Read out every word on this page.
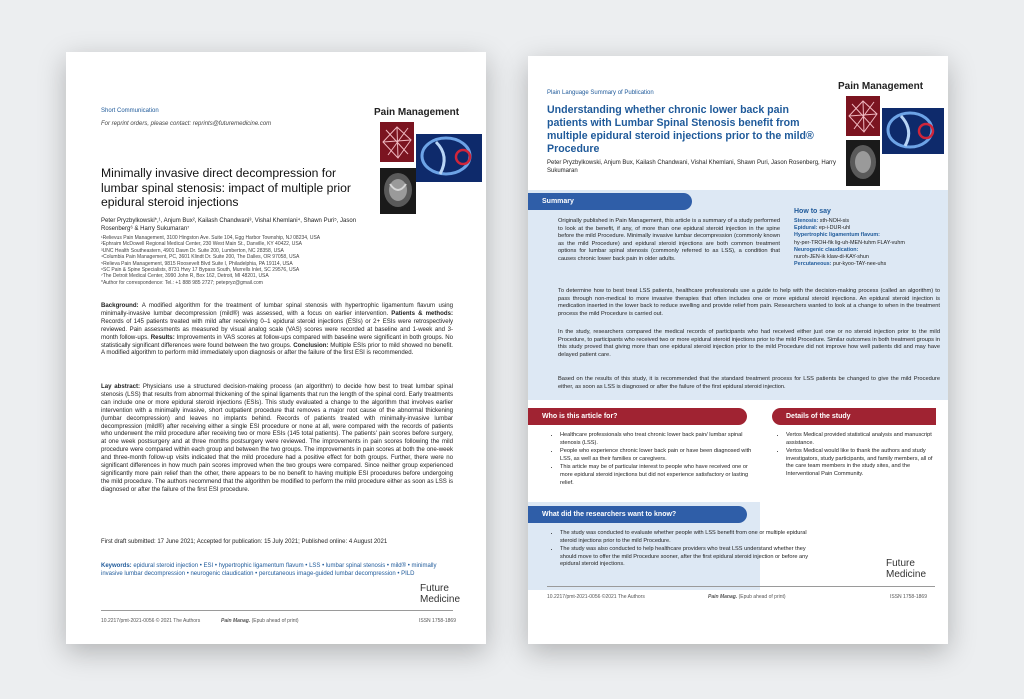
Short Communication
For reprint orders, please contact: reprints@futuremedicine.com
Pain Management
Minimally invasive direct decompression for lumbar spinal stenosis: impact of multiple prior epidural steroid injections
Peter Pryzbylkowski*,¹, Anjum Bux², Kailash Chandwani³, Vishal Khemlani⁴, Shawn Puri⁵, Jason Rosenberg⁶ & Harry Sukumaran⁷
¹Relievus Pain Management, 3100 Hingston Ave. Suite 104, Egg Harbor Township, NJ 08234, USA
²Ephraim McDowell Regional Medical Center, 230 West Main St., Danville, KY 40422, USA
³UNC Health Southeastern, 4901 Dawn Dr. Suite 200, Lumberton, NC 28358, USA
⁴Columbia Pain Management, PC, 3601 Klindt Dr. Suite 200, The Dalles, OR 97058, USA
⁵Relieva Pain Management, 9815 Roosevelt Blvd Suite I, Philadelphia, PA 19114, USA
⁶SC Pain & Spine Specialists, 8731 Hwy 17 Bypass South, Murrells Inlet, SC 29576, USA
⁷The Detroit Medical Center, 3990 John R, Box 162, Detroit, MI 48201, USA
*Author for correspondence: Tel.: +1 888 985 2727; petepryz@gmail.com
Background: A modified algorithm for the treatment of lumbar spinal stenosis with hypertrophic ligamentum flavum using minimally-invasive lumbar decompression (mild®) was assessed, with a focus on earlier intervention. Patients & methods: Records of 145 patients treated with mild after receiving 0–1 epidural steroid injections (ESIs) or 2+ ESIs were retrospectively reviewed. Pain assessments as measured by visual analog scale (VAS) scores were recorded at baseline and 1-week and 3-month follow-ups. Results: Improvements in VAS scores at follow-ups compared with baseline were significant in both groups. No statistically significant differences were found between the two groups. Conclusion: Multiple ESIs prior to mild showed no benefit. A modified algorithm to perform mild immediately upon diagnosis or after the failure of the first ESI is recommended.
Lay abstract: Physicians use a structured decision-making process (an algorithm) to decide how best to treat lumbar spinal stenosis (LSS) that results from abnormal thickening of the spinal ligaments that run the length of the spinal cord. Early treatments can include one or more epidural steroid injections (ESIs). This study evaluated a change to the algorithm that involves earlier intervention with a minimally invasive, short outpatient procedure that removes a major root cause of the abnormal thickening (lumbar decompression) and leaves no implants behind. Records of patients treated with minimally-invasive lumbar decompression (mild®) after receiving either a single ESI procedure or none at all, were compared with the records of patients who underwent the mild procedure after receiving two or more ESIs (145 total patients). The patients' pain scores before surgery, at one week postsurgery and at three months postsurgery were reviewed. The improvements in pain scores following the mild procedure were compared within each group and between the two groups. The improvements in pain scores at both the one-week and three-month follow-up visits indicated that the mild procedure had a positive effect for both groups. Further, there were no significant differences in how much pain scores improved when the two groups were compared. Since neither group experienced significantly more pain relief than the other, there appears to be no benefit to having multiple ESI procedures before undergoing the mild procedure. The authors recommend that the algorithm be modified to perform the mild procedure either as soon as LSS is diagnosed or after the failure of the first ESI procedure.
First draft submitted: 17 June 2021; Accepted for publication: 15 July 2021; Published online: 4 August 2021
Keywords: epidural steroid injection • ESI • hypertrophic ligamentum flavum • LSS • lumbar spinal stenosis • mild® • minimally invasive lumbar decompression • neurogenic claudication • percutaneous image-guided lumbar decompression • PILD
Future
Medicine
10.2217/pmt-2021-0056 © 2021 The Authors	Pain Manag. (Epub ahead of print)	ISSN 1758-1869
Plain Language Summary of Publication
Pain Management
Understanding whether chronic lower back pain patients with Lumbar Spinal Stenosis benefit from multiple epidural steroid injections prior to the mild® Procedure
Peter Pryzbylkowski, Anjum Bux, Kailash Chandwani, Vishal Khemlani, Shawn Puri, Jason Rosenberg, Harry Sukumaran
Summary
Originally published in Pain Management, this article is a summary of a study performed to look at the benefit, if any, of more than one epidural steroid injection in the spine before the mild Procedure. Minimally invasive lumbar decompression (commonly known as the mild Procedure) and epidural steroid injections are both common treatment options for lumbar spinal stenosis (commonly referred to as LSS), a condition that causes chronic lower back pain in older adults.
How to say
Stenosis: sth-NOH-sis
Epidural: ep-i-DUR-uhl
Hypertrophic ligamentum flavum:
hy-per-TROH-fik lig-uh-MEN-tuhm FLAY-vuhm
Neurogenic claudication:
nuroh-JEN-ik klaw-di-KAY-shun
Percutaneous: pur-kyoo-TAY-nee-uhs
To determine how to best treat LSS patients, healthcare professionals use a guide to help with the decision-making process (called an algorithm) to pass through non-medical to more invasive therapies that often includes one or more epidural steroid injections. An epidural steroid injection is medication inserted in the lower back to reduce swelling and provide relief from pain. Researchers wanted to look at a change to when in the treatment process the mild Procedure is carried out.
In the study, researchers compared the medical records of participants who had received either just one or no steroid injection prior to the mild Procedure, to participants who received two or more epidural steroid injections prior to the mild Procedure. Similar outcomes in both treatment groups in this study proved that giving more than one epidural steroid injection prior to the mild Procedure did not improve how well patients did and may have delayed patient care.
Based on the results of this study, it is recommended that the standard treatment process for LSS patients be changed to give the mild Procedure either, as soon as LSS is diagnosed or after the failure of the first epidural steroid injection.
Who is this article for?
• Healthcare professionals who treat chronic lower back pain/ lumbar spinal stenosis (LSS).
• People who experience chronic lower back pain or have been diagnosed with LSS, as well as their families or caregivers.
• This article may be of particular interest to people who have received one or more epidural steroid injections but did not experience satisfactory or lasting relief.
Details of the study
• Vertos Medical provided statistical analysis and manuscript assistance.
• Vertos Medical would like to thank the authors and study investigators, study participants, and family members, all of the care team members in the study sites, and the Interventional Pain Community.
What did the researchers want to know?
• The study was conducted to evaluate whether people with LSS benefit from one or multiple epidural steroid injections prior to the mild Procedure.
• The study was also conducted to help healthcare providers who treat LSS understand whether they should move to offer the mild Procedure sooner, after the first epidural steroid injection or before any epidural steroid injections.	Future
Medicine
10.2217/pmt-2021-0056 ©2021 The Authors	Pain Manag. (Epub ahead of print)	ISSN 1758-1869
